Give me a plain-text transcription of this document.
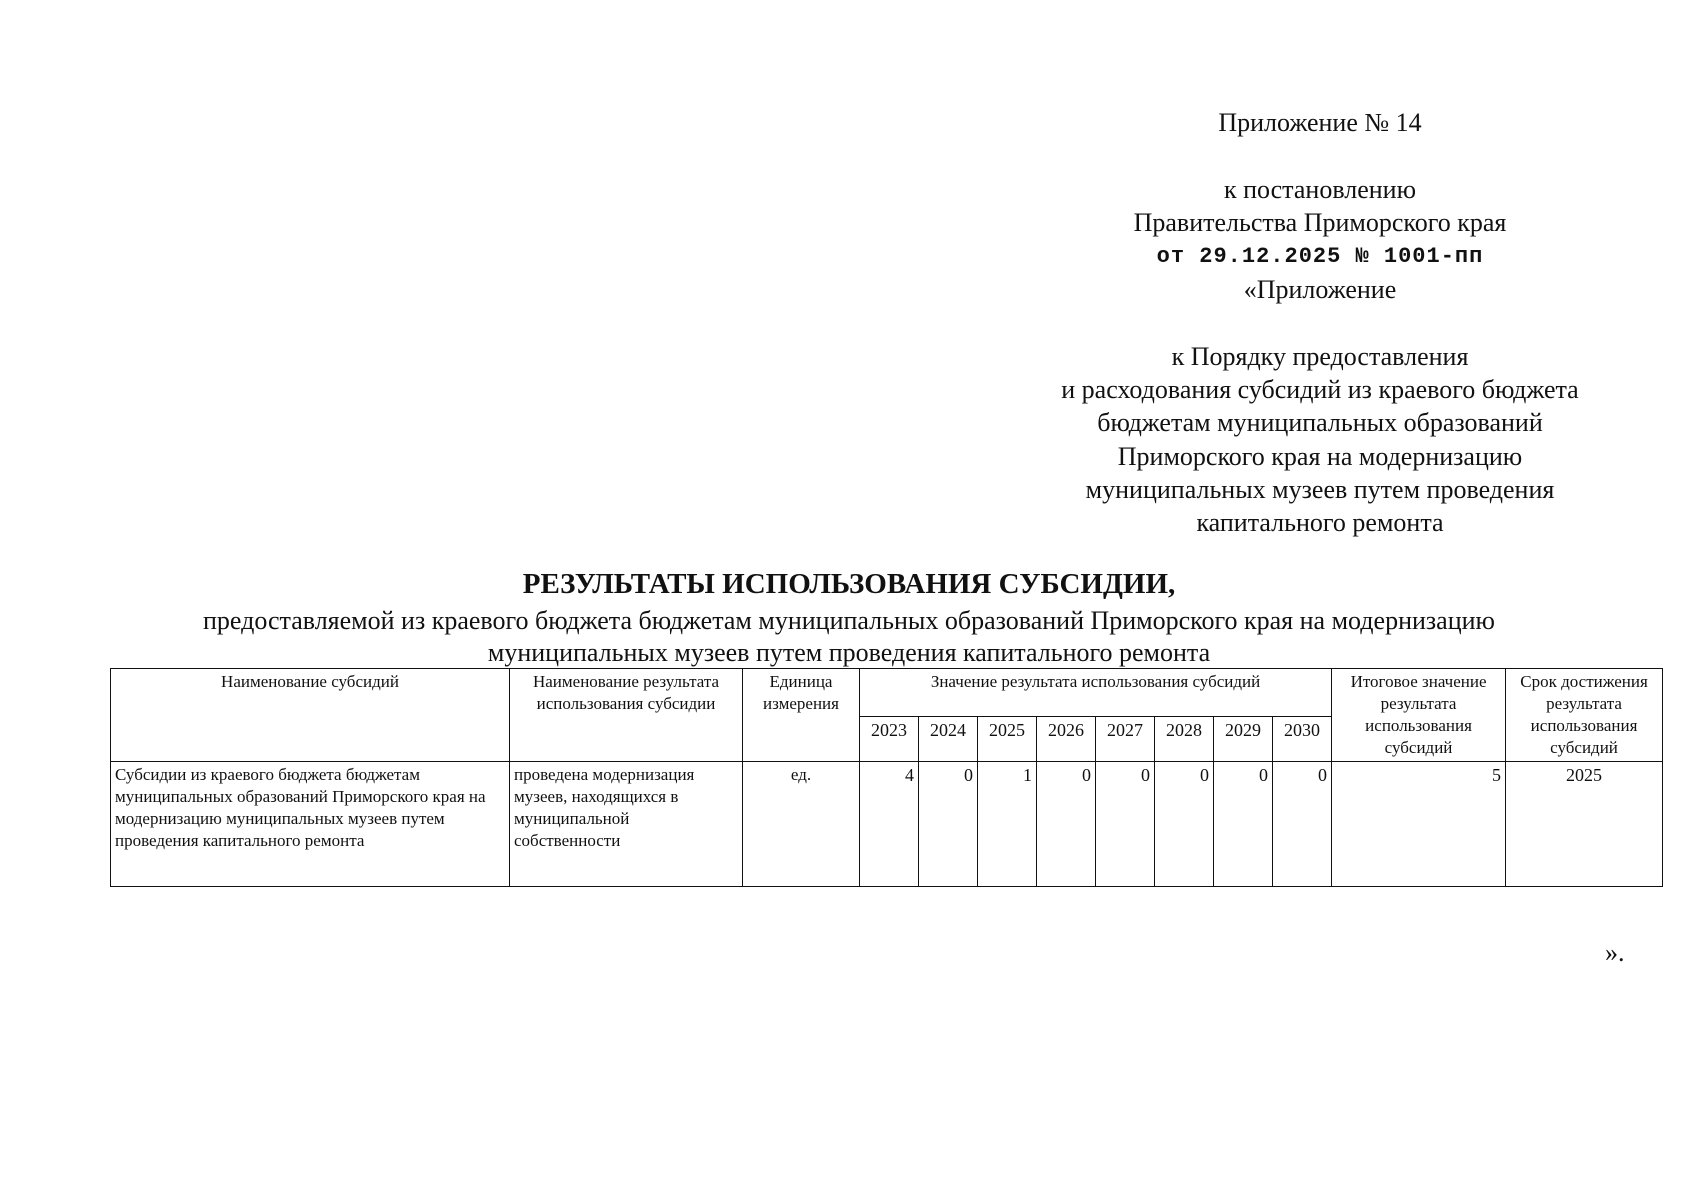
Приложение № 14
к постановлению
Правительства Приморского края
от 29.12.2025 № 1001-пп
«Приложение
к Порядку предоставления
и расходования субсидий из краевого бюджета
бюджетам муниципальных образований
Приморского края на модернизацию
муниципальных музеев путем проведения
капитального ремонта
РЕЗУЛЬТАТЫ ИСПОЛЬЗОВАНИЯ СУБСИДИИ,
предоставляемой из краевого бюджета бюджетам муниципальных образований Приморского края на модернизацию
муниципальных музеев путем проведения капитального ремонта
Наименование субсидий	Наименование результата использования субсидии	Единица измерения	Значение результата использования субсидий								Итоговое значение результата использования субсидий	Срок достижения результата использования субсидий
			2023	2024	2025	2026	2027	2028	2029	2030		
Субсидии из краевого бюджета бюджетам муниципальных образований Приморского края на модернизацию муниципальных музеев путем проведения капитального ремонта	проведена модернизация музеев, находящихся в муниципальной собственности	ед.	4	0	1	0	0	0	0	0	5	2025
».
